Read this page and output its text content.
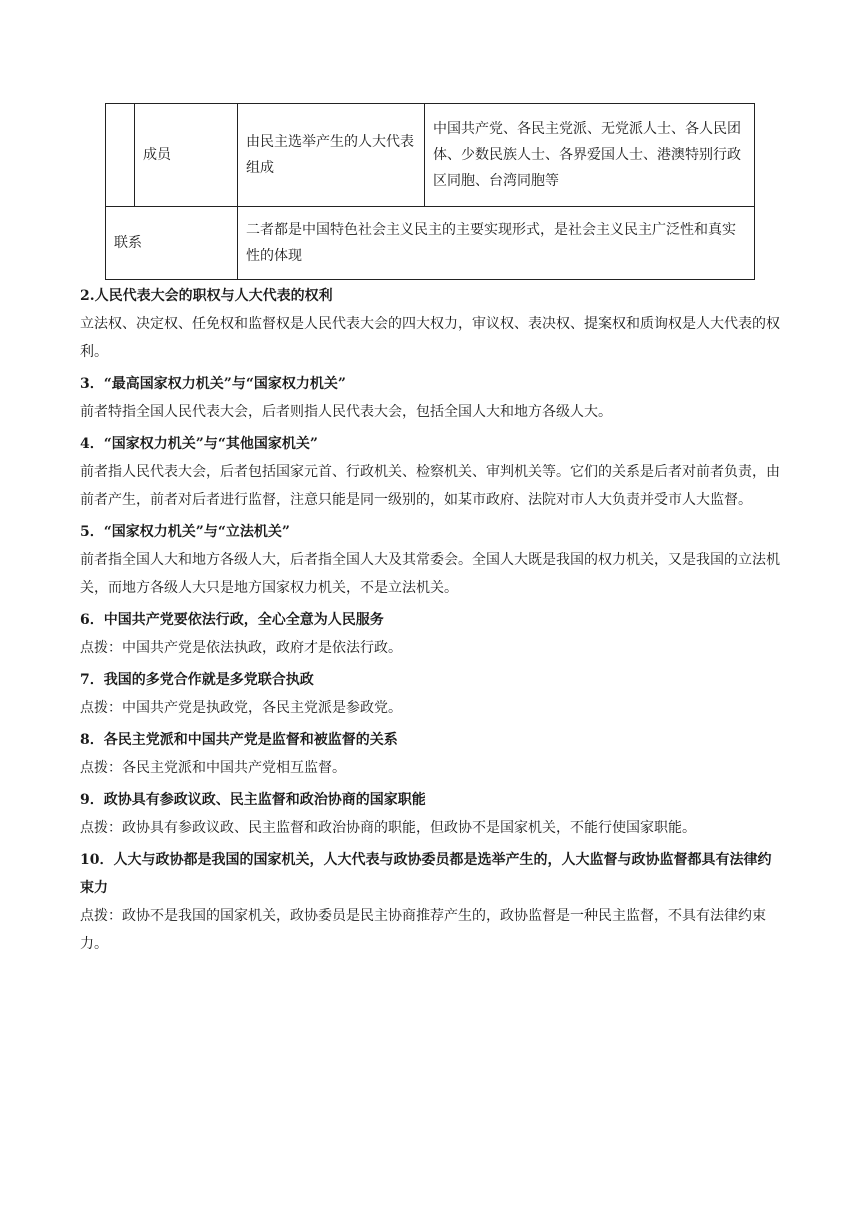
	成员	由民主选举产生的人大代表组成	中国共产党、各民主党派、无党派人士、各人民团体、少数民族人士、各界爱国人士、港澳特别行政区同胞、台湾同胞等
联系		二者都是中国特色社会主义民主的主要实现形式，是社会主义民主广泛性和真实性的体现	

2.人民代表大会的职权与人大代表的权利

立法权、决定权、任免权和监督权是人民代表大会的四大权力，审议权、表决权、提案权和质询权是人大代表的权利。

3．“最高国家权力机关”与“国家权力机关”

前者特指全国人民代表大会，后者则指人民代表大会，包括全国人大和地方各级人大。

4．“国家权力机关”与“其他国家机关”

前者指人民代表大会，后者包括国家元首、行政机关、检察机关、审判机关等。它们的关系是后者对前者负责，由前者产生，前者对后者进行监督，注意只能是同一级别的，如某市政府、法院对市人大负责并受市人大监督。

5．“国家权力机关”与“立法机关”

前者指全国人大和地方各级人大，后者指全国人大及其常委会。全国人大既是我国的权力机关，又是我国的立法机关，而地方各级人大只是地方国家权力机关，不是立法机关。

6．中国共产党要依法行政，全心全意为人民服务

点拨：中国共产党是依法执政，政府才是依法行政。

7．我国的多党合作就是多党联合执政

点拨：中国共产党是执政党，各民主党派是参政党。

8．各民主党派和中国共产党是监督和被监督的关系

点拨：各民主党派和中国共产党相互监督。

9．政协具有参政议政、民主监督和政治协商的国家职能

点拨：政协具有参政议政、民主监督和政治协商的职能，但政协不是国家机关，不能行使国家职能。

10．人大与政协都是我国的国家机关，人大代表与政协委员都是选举产生的，人大监督与政协监督都具有法律约束力

点拨：政协不是我国的国家机关，政协委员是民主协商推荐产生的，政协监督是一种民主监督，不具有法律约束力。
